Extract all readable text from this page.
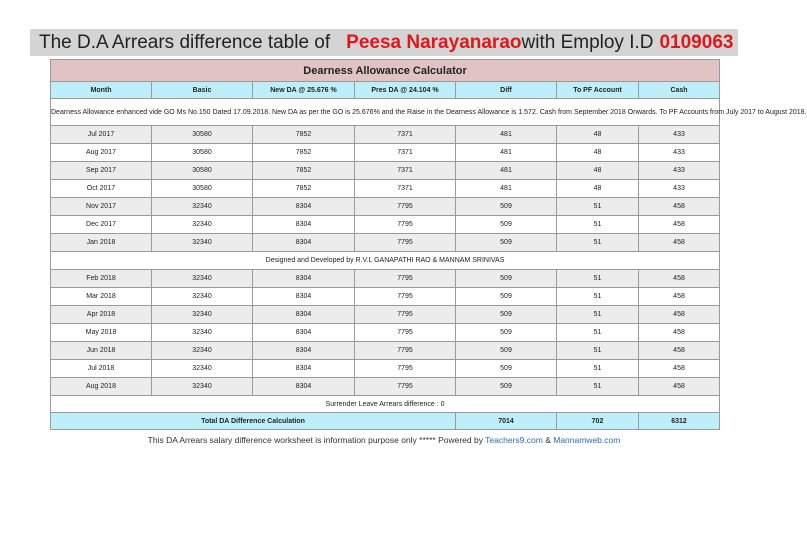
The D.A Arrears difference table of Peesa Narayanarao with Employ I.D 0109063
Dearness Allowance Calculator						
Month	Basic	New DA @ 25.676 %	Pres DA @ 24.104 %	Diff	To PF Account	Cash
Dearness Allowance enhanced vide GO Ms No.150 Dated 17.09.2018. New DA as per the GO is 25.676% and the Raise in the Dearness Allowance is 1.572. Cash from September 2018 Onwards. To PF Accounts from July 2017 to August 2018.						
Jul 2017	30580	7852	7371	481	48	433
Aug 2017	30580	7852	7371	481	48	433
Sep 2017	30580	7852	7371	481	48	433
Oct 2017	30580	7852	7371	481	48	433
Nov 2017	32340	8304	7795	509	51	458
Dec 2017	32340	8304	7795	509	51	458
Jan 2018	32340	8304	7795	509	51	458
Designed and Developed by R.V.L GANAPATHI RAO & MANNAM SRINIVAS						
Feb 2018	32340	8304	7795	509	51	458
Mar 2018	32340	8304	7795	509	51	458
Apr 2018	32340	8304	7795	509	51	458
May 2018	32340	8304	7795	509	51	458
Jun 2018	32340	8304	7795	509	51	458
Jul 2018	32340	8304	7795	509	51	458
Aug 2018	32340	8304	7795	509	51	458
Surrender Leave Arrears difference : 0						
Total DA Difference Calculation				7014	702	6312
This DA Arrears salary difference worksheet is information purpose only ***** Powered by Teachers9.com & Mannamweb.com
